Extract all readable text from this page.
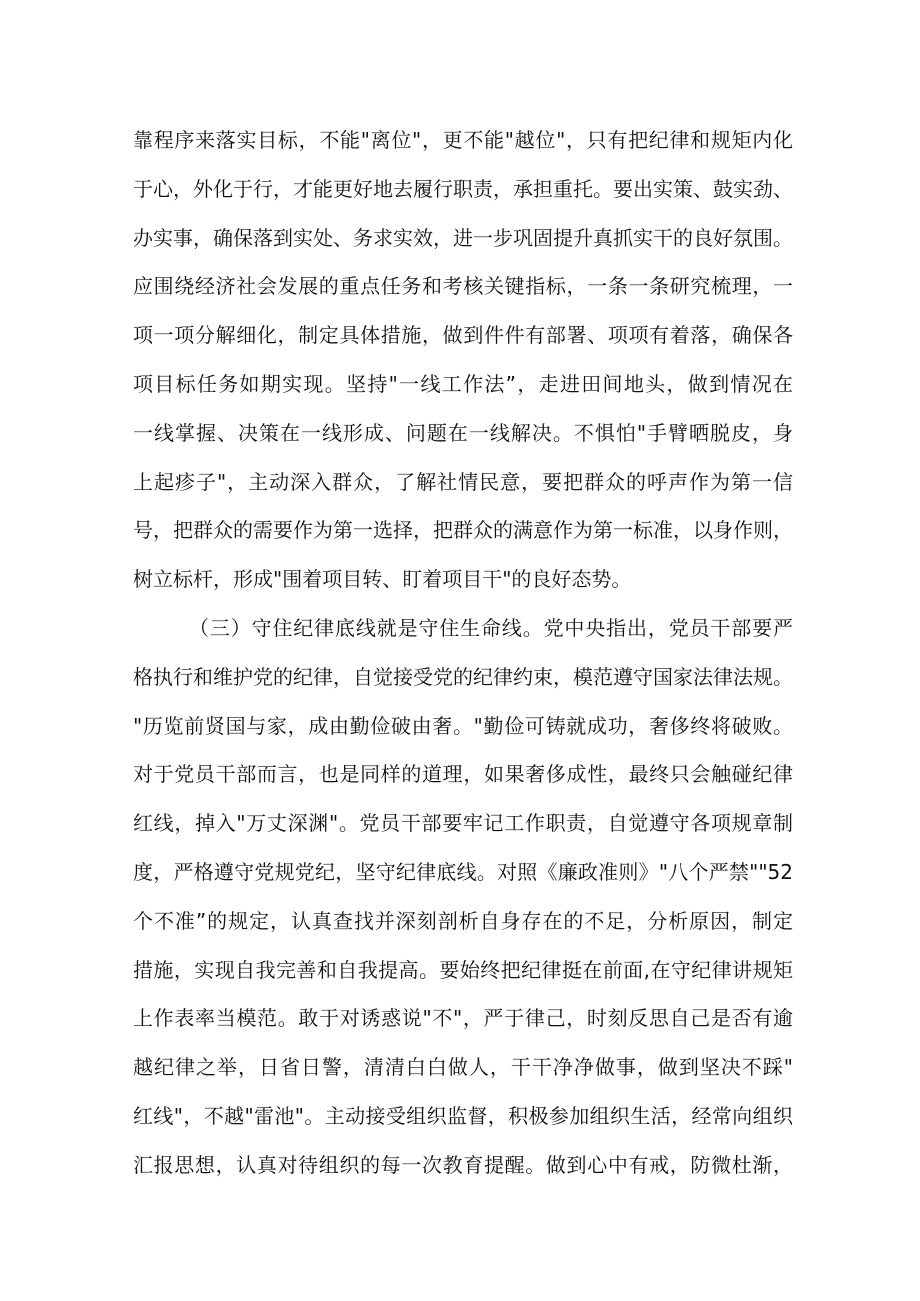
靠程序来落实目标，不能"离位"，更不能"越位"，只有把纪律和规矩内化
于心，外化于行，才能更好地去履行职责，承担重托。要出实策、鼓实劲、
办实事，确保落到实处、务求实效，进一步巩固提升真抓实干的良好氛围。
应围绕经济社会发展的重点任务和考核关键指标，一条一条研究梳理，一
项一项分解细化，制定具体措施，做到件件有部署、项项有着落，确保各
项目标任务如期实现。坚持"一线工作法”，走进田间地头，做到情况在
一线掌握、决策在一线形成、问题在一线解决。不惧怕"手臂晒脱皮，身
上起疹子"，主动深入群众，了解社情民意，要把群众的呼声作为第一信
号，把群众的需要作为第一选择，把群众的满意作为第一标准，以身作则，
树立标杆，形成"围着项目转、盯着项目干"的良好态势。
（三）守住纪律底线就是守住生命线。党中央指出，党员干部要严
格执行和维护党的纪律，自觉接受党的纪律约束，模范遵守国家法律法规。
"历览前贤国与家，成由勤俭破由奢。"勤俭可铸就成功，奢侈终将破败。
对于党员干部而言，也是同样的道理，如果奢侈成性，最终只会触碰纪律
红线，掉入"万丈深渊"。党员干部要牢记工作职责，自觉遵守各项规章制
度，严格遵守党规党纪，坚守纪律底线。对照《廉政准则》"八个严禁""52
个不准”的规定，认真查找并深刻剖析自身存在的不足，分析原因，制定
措施，实现自我完善和自我提高。要始终把纪律挺在前面,在守纪律讲规矩
上作表率当模范。敢于对诱惑说"不"，严于律己，时刻反思自己是否有逾
越纪律之举，日省日警，清清白白做人，干干净净做事，做到坚决不踩"
红线"，不越"雷池"。主动接受组织监督，积极参加组织生活，经常向组织
汇报思想，认真对待组织的每一次教育提醒。做到心中有戒，防微杜渐，
